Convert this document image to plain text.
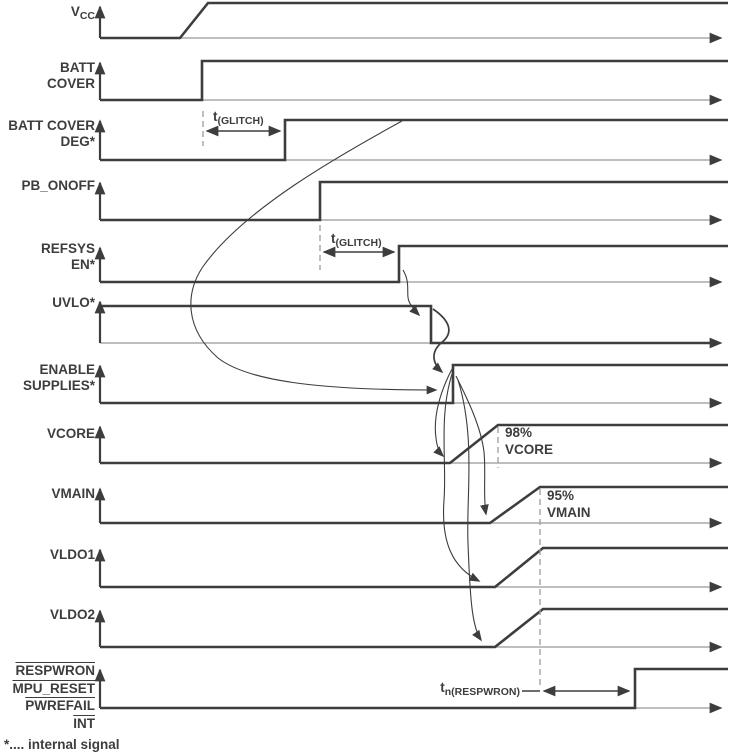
$V_{CC}$
BATT
COVER
BATT COVER
DEG*
PB_ONOFF
REFSYS
EN*
UVLO*
ENABLE
SUPPLIES*
VCORE
VMAIN
VLDO1
VLDO2
RESPWRON
MPU_RESET
PWREFAIL
$\overline{INT}$
$t_{(GLITCH)}$
$t_{(GLITCH)}$
98%
VCORE
95%
VMAIN
$t_{n(RESPWRON)}$
*.... internal signal
